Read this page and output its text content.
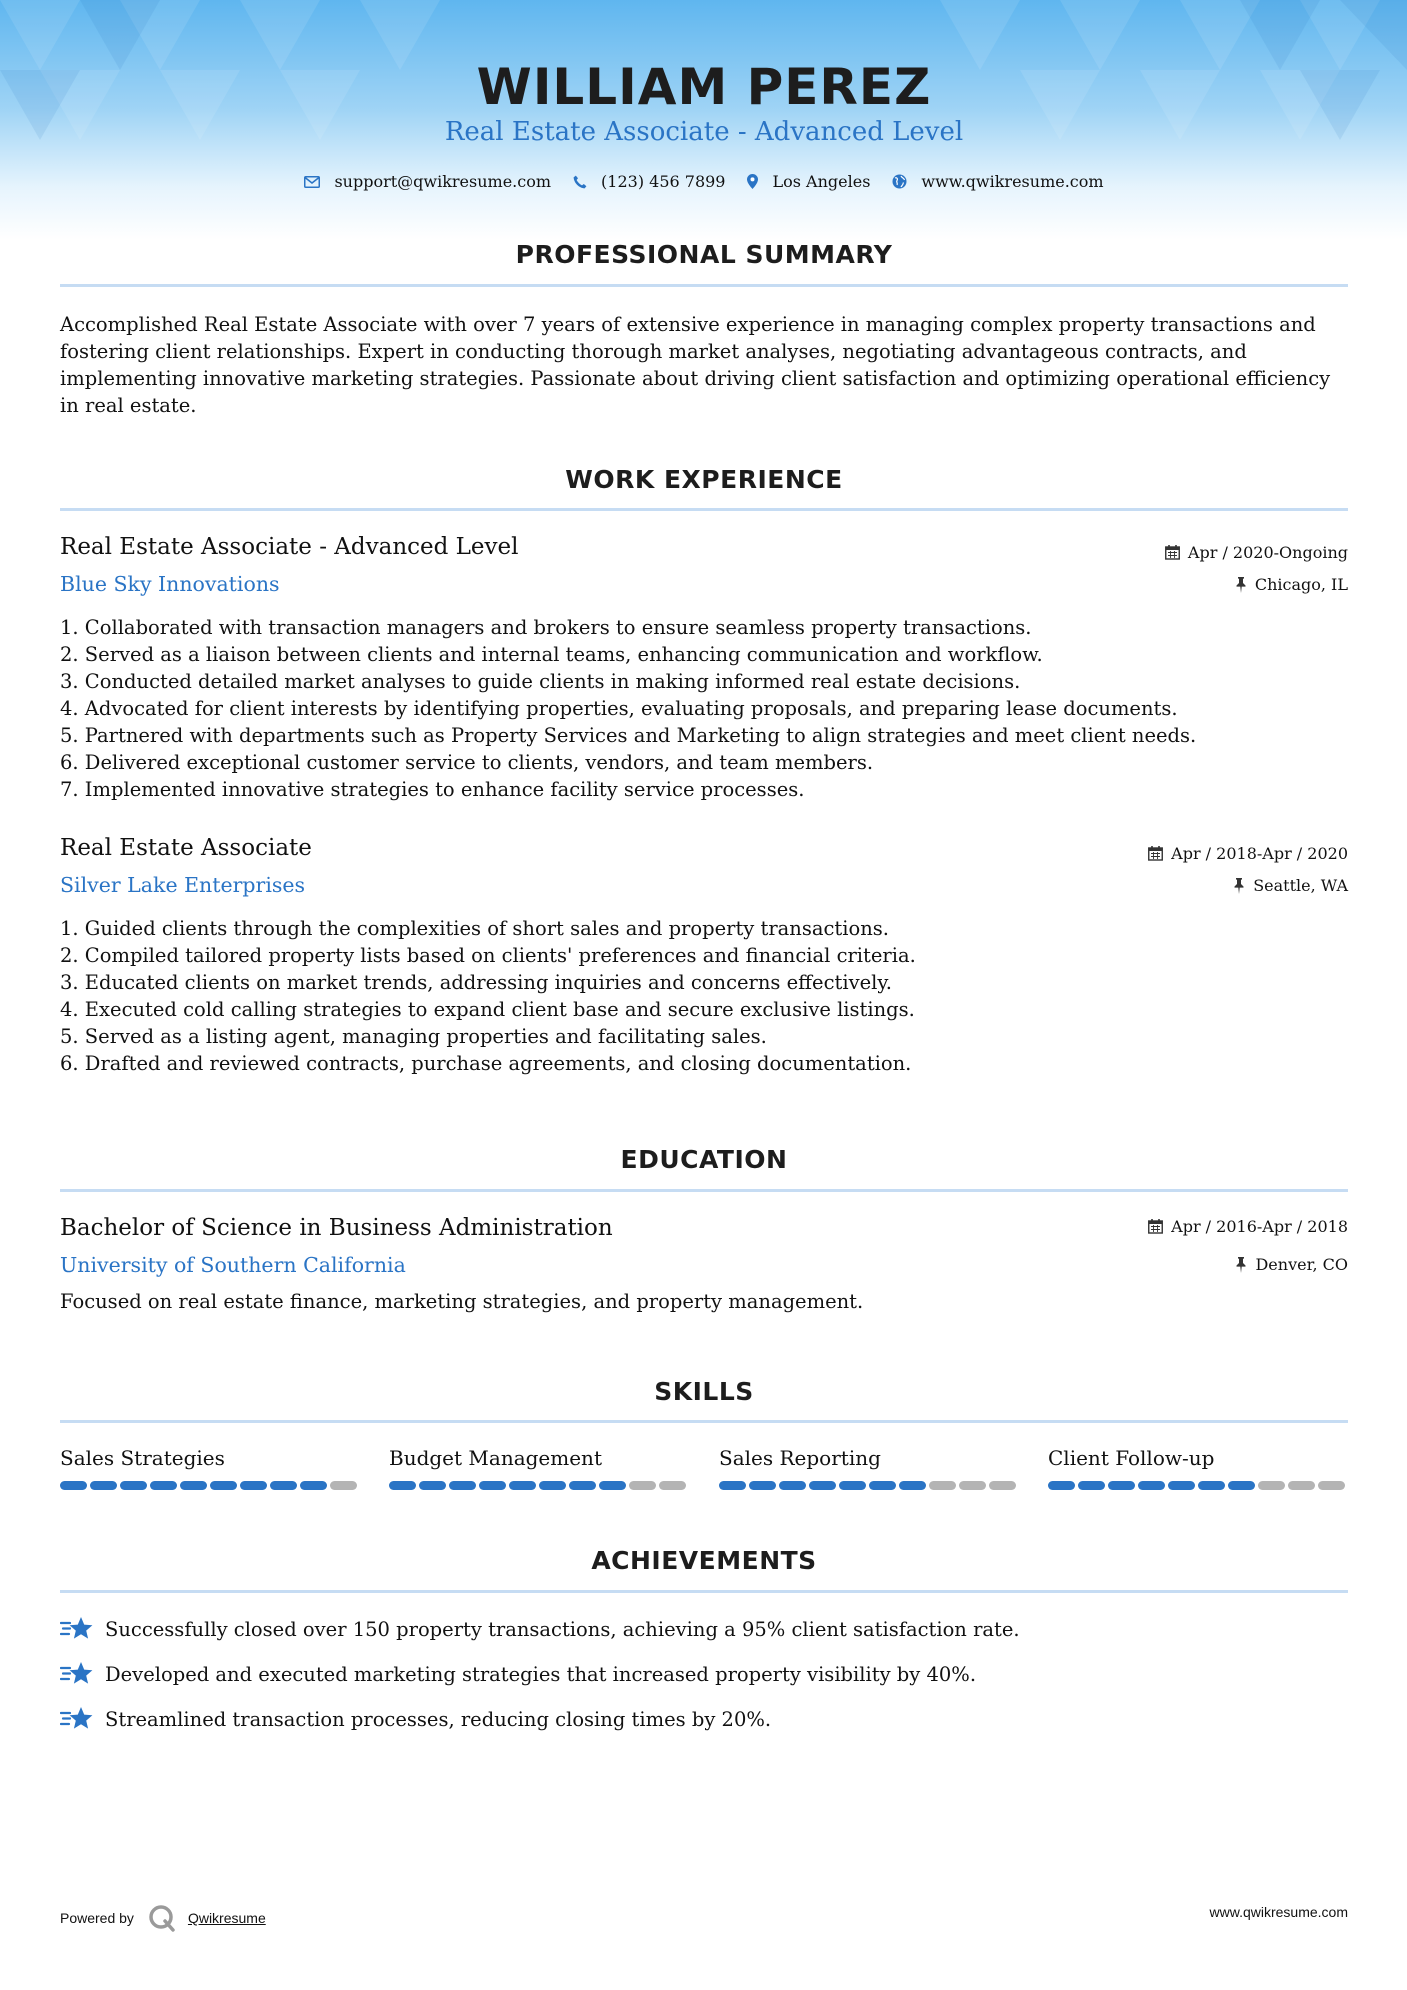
WILLIAM PEREZ
Real Estate Associate - Advanced Level
support@qwikresume.com	(123) 456 7899	Los Angeles	www.qwikresume.com
PROFESSIONAL SUMMARY
Accomplished Real Estate Associate with over 7 years of extensive experience in managing complex property transactions and fostering client relationships. Expert in conducting thorough market analyses, negotiating advantageous contracts, and implementing innovative marketing strategies. Passionate about driving client satisfaction and optimizing operational efficiency in real estate.
WORK EXPERIENCE
Real Estate Associate - Advanced Level	Apr / 2020-Ongoing
Blue Sky Innovations	Chicago, IL
1. Collaborated with transaction managers and brokers to ensure seamless property transactions.
2. Served as a liaison between clients and internal teams, enhancing communication and workflow.
3. Conducted detailed market analyses to guide clients in making informed real estate decisions.
4. Advocated for client interests by identifying properties, evaluating proposals, and preparing lease documents.
5. Partnered with departments such as Property Services and Marketing to align strategies and meet client needs.
6. Delivered exceptional customer service to clients, vendors, and team members.
7. Implemented innovative strategies to enhance facility service processes.
Real Estate Associate	Apr / 2018-Apr / 2020
Silver Lake Enterprises	Seattle, WA
1. Guided clients through the complexities of short sales and property transactions.
2. Compiled tailored property lists based on clients' preferences and financial criteria.
3. Educated clients on market trends, addressing inquiries and concerns effectively.
4. Executed cold calling strategies to expand client base and secure exclusive listings.
5. Served as a listing agent, managing properties and facilitating sales.
6. Drafted and reviewed contracts, purchase agreements, and closing documentation.
EDUCATION
Bachelor of Science in Business Administration	Apr / 2016-Apr / 2018
University of Southern California	Denver, CO
Focused on real estate finance, marketing strategies, and property management.
SKILLS
Sales Strategies	Budget Management	Sales Reporting	Client Follow-up
ACHIEVEMENTS
Successfully closed over 150 property transactions, achieving a 95% client satisfaction rate.
Developed and executed marketing strategies that increased property visibility by 40%.
Streamlined transaction processes, reducing closing times by 20%.
Powered by	Qwikresume	www.qwikresume.com
